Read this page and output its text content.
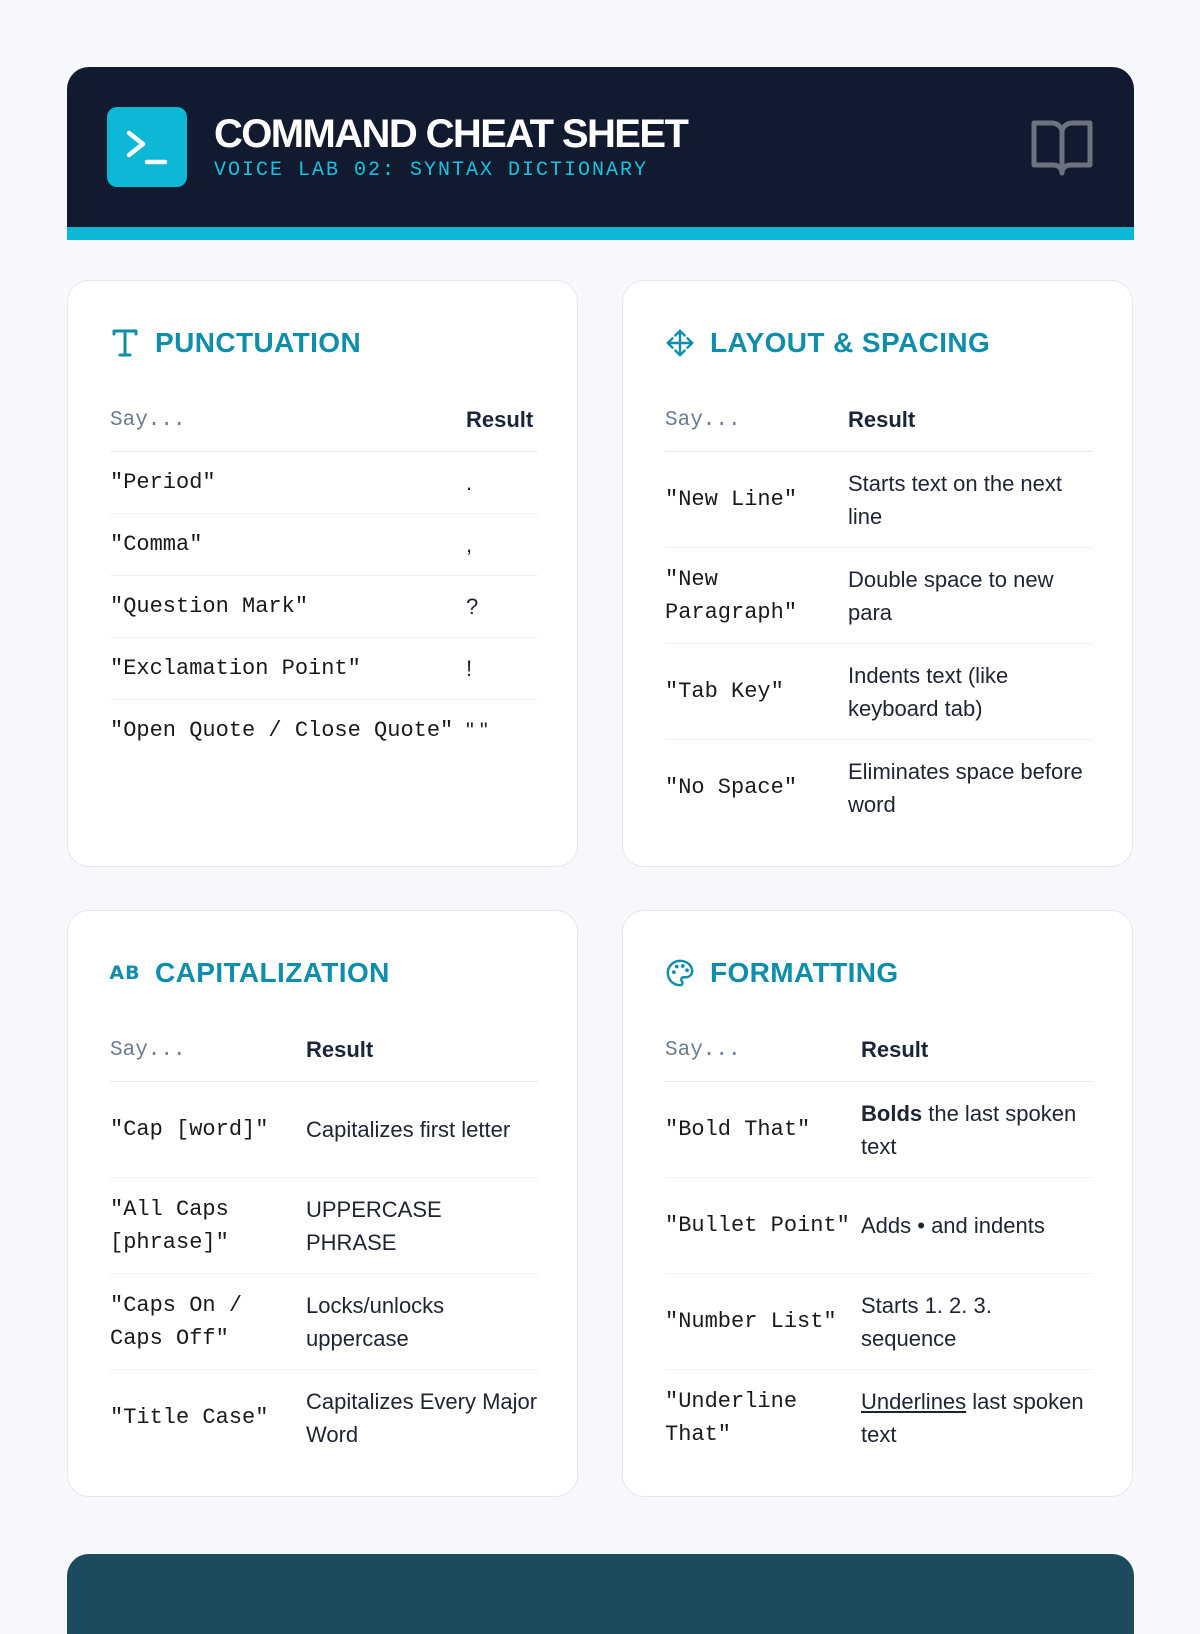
COMMAND CHEAT SHEET
VOICE LAB 02: SYNTAX DICTIONARY
PUNCTUATION
Say...	Result
"Period"	.
"Comma"	,
"Question Mark"	?
"Exclamation Point"	!
"Open Quote / Close Quote"	" "
LAYOUT & SPACING
Say...	Result
"New Line"	Starts text on the next line
"New Paragraph"	Double space to new para
"Tab Key"	Indents text (like keyboard tab)
"No Space"	Eliminates space before word
AB CAPITALIZATION
Say...	Result
"Cap [word]"	Capitalizes first letter
"All Caps [phrase]"	UPPERCASE PHRASE
"Caps On / Caps Off"	Locks/unlocks uppercase
"Title Case"	Capitalizes Every Major Word
FORMATTING
Say...	Result
"Bold That"	Bolds the last spoken text
"Bullet Point"	Adds • and indents
"Number List"	Starts 1. 2. 3. sequence
"Underline That"	Underlines last spoken text
